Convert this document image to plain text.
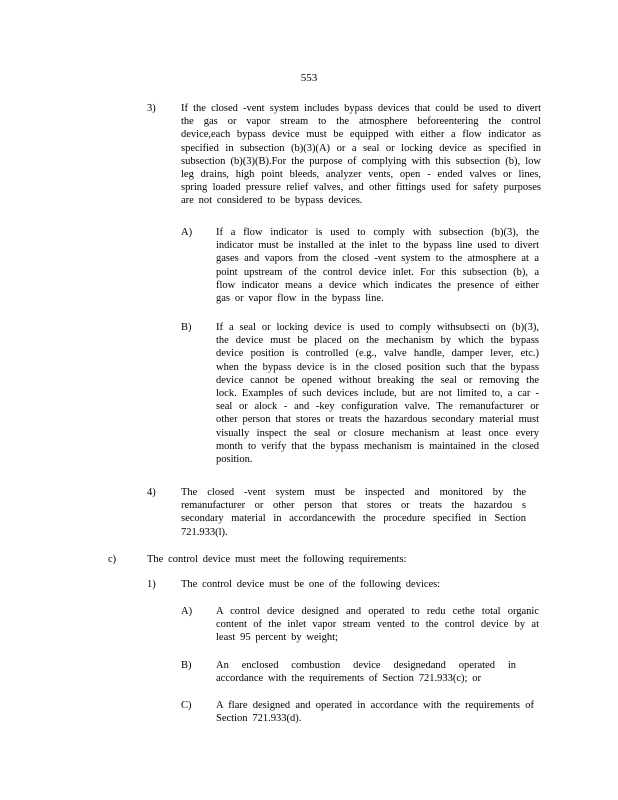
553
3) If the closed -vent system includes bypass devices that could be used to divert the gas or vapor stream to the atmosphere beforeentering the control device,each bypass device must be equipped with either a flow indicator as specified in subsection (b)(3)(A) or a seal or locking device as specified in subsection (b)(3)(B).For the purpose of complying with this subsection (b), low leg drains, high point bleeds, analyzer vents, open - ended valves or lines, spring loaded pressure relief valves, and other fittings used for safety purposes are not considered to be bypass devices.
A) If a flow indicator is used to comply with subsection (b)(3), the indicator must be installed at the inlet to the bypass line used to divert gases and vapors from the closed -vent system to the atmosphere at a point upstream of the control device inlet. For this subsection (b), a flow indicator means a device which indicates the presence of either gas or vapor flow in the bypass line.
B) If a seal or locking device is used to comply withsubsecti on (b)(3), the device must be placed on the mechanism by which the bypass device position is controlled (e.g., valve handle, damper lever, etc.) when the bypass device is in the closed position such that the bypass device cannot be opened without breaking the seal or removing the lock. Examples of such devices include, but are not limited to, a car -seal or alock - and -key configuration valve. The remanufacturer or other person that stores or treats the hazardous secondary material must visually inspect the seal or closure mechanism at least once every month to verify that the bypass mechanism is maintained in the closed position.
4) The closed -vent system must be inspected and monitored by the remanufacturer or other person that stores or treats the hazardou s secondary material in accordancewith the procedure specified in Section 721.933(l).
c)	The control device must meet the following requirements:
1) The control device must be one of the following devices:
A) A control device designed and operated to redu cethe total organic content of the inlet vapor stream vented to the control device by at least 95 percent by weight;
B) An enclosed combustion device designedand operated in accordance with the requirements of Section 721.933(c); or
C) A flare designed and operated in accordance with the requirements of Section 721.933(d).
